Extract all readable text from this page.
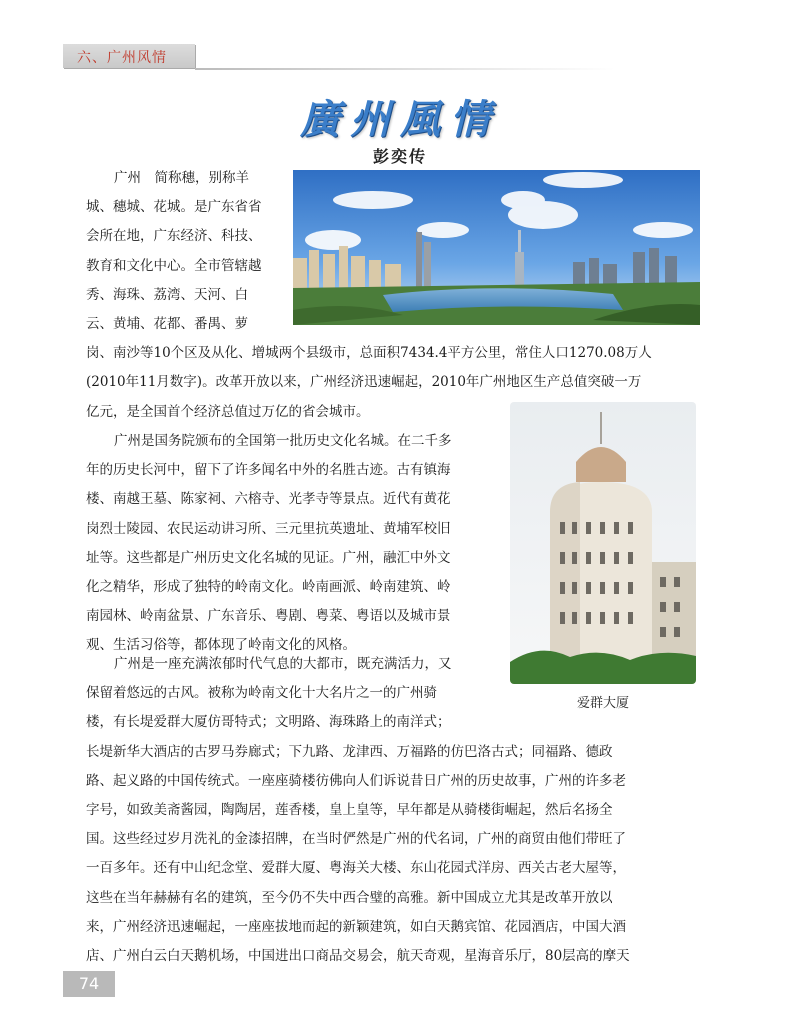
六、广州风情
廣州風情
彭奕传
爱群大厦
广州　简称穗，别称羊
城、穗城、花城。是广东省省
会所在地，广东经济、科技、
教育和文化中心。全市管辖越
秀、海珠、荔湾、天河、白
云、黄埔、花都、番禺、萝
岗、南沙等10个区及从化、增城两个县级市，总面积7434.4平方公里，常住人口1270.08万人
(2010年11月数字)。改革开放以来，广州经济迅速崛起，2010年广州地区生产总值突破一万
亿元，是全国首个经济总值过万亿的省会城市。
广州是国务院颁布的全国第一批历史文化名城。在二千多
年的历史长河中，留下了许多闻名中外的名胜古迹。古有镇海
楼、南越王墓、陈家祠、六榕寺、光孝寺等景点。近代有黄花
岗烈士陵园、农民运动讲习所、三元里抗英遗址、黄埔军校旧
址等。这些都是广州历史文化名城的见证。广州，融汇中外文
化之精华，形成了独特的岭南文化。岭南画派、岭南建筑、岭
南园林、岭南盆景、广东音乐、粤剧、粤菜、粤语以及城市景
观、生活习俗等，都体现了岭南文化的风格。
广州是一座充满浓郁时代气息的大都市，既充满活力，又
保留着悠远的古风。被称为岭南文化十大名片之一的广州骑
楼，有长堤爱群大厦仿哥特式；文明路、海珠路上的南洋式；
长堤新华大酒店的古罗马券廊式；下九路、龙津西、万福路的仿巴洛古式；同福路、德政
路、起义路的中国传统式。一座座骑楼彷佛向人们诉说昔日广州的历史故事，广州的许多老
字号，如致美斋酱园，陶陶居，莲香楼，皇上皇等，早年都是从骑楼街崛起，然后名扬全
国。这些经过岁月洗礼的金漆招牌，在当时俨然是广州的代名词，广州的商贸由他们带旺了
一百多年。还有中山纪念堂、爱群大厦、粤海关大楼、东山花园式洋房、西关古老大屋等，
这些在当年赫赫有名的建筑，至今仍不失中西合璧的高雅。新中国成立尤其是改革开放以
来，广州经济迅速崛起，一座座拔地而起的新颖建筑，如白天鹅宾馆、花园酒店，中国大酒
店、广州白云白天鹅机场，中国进出口商品交易会，航天奇观，星海音乐厅，80层高的摩天
74
